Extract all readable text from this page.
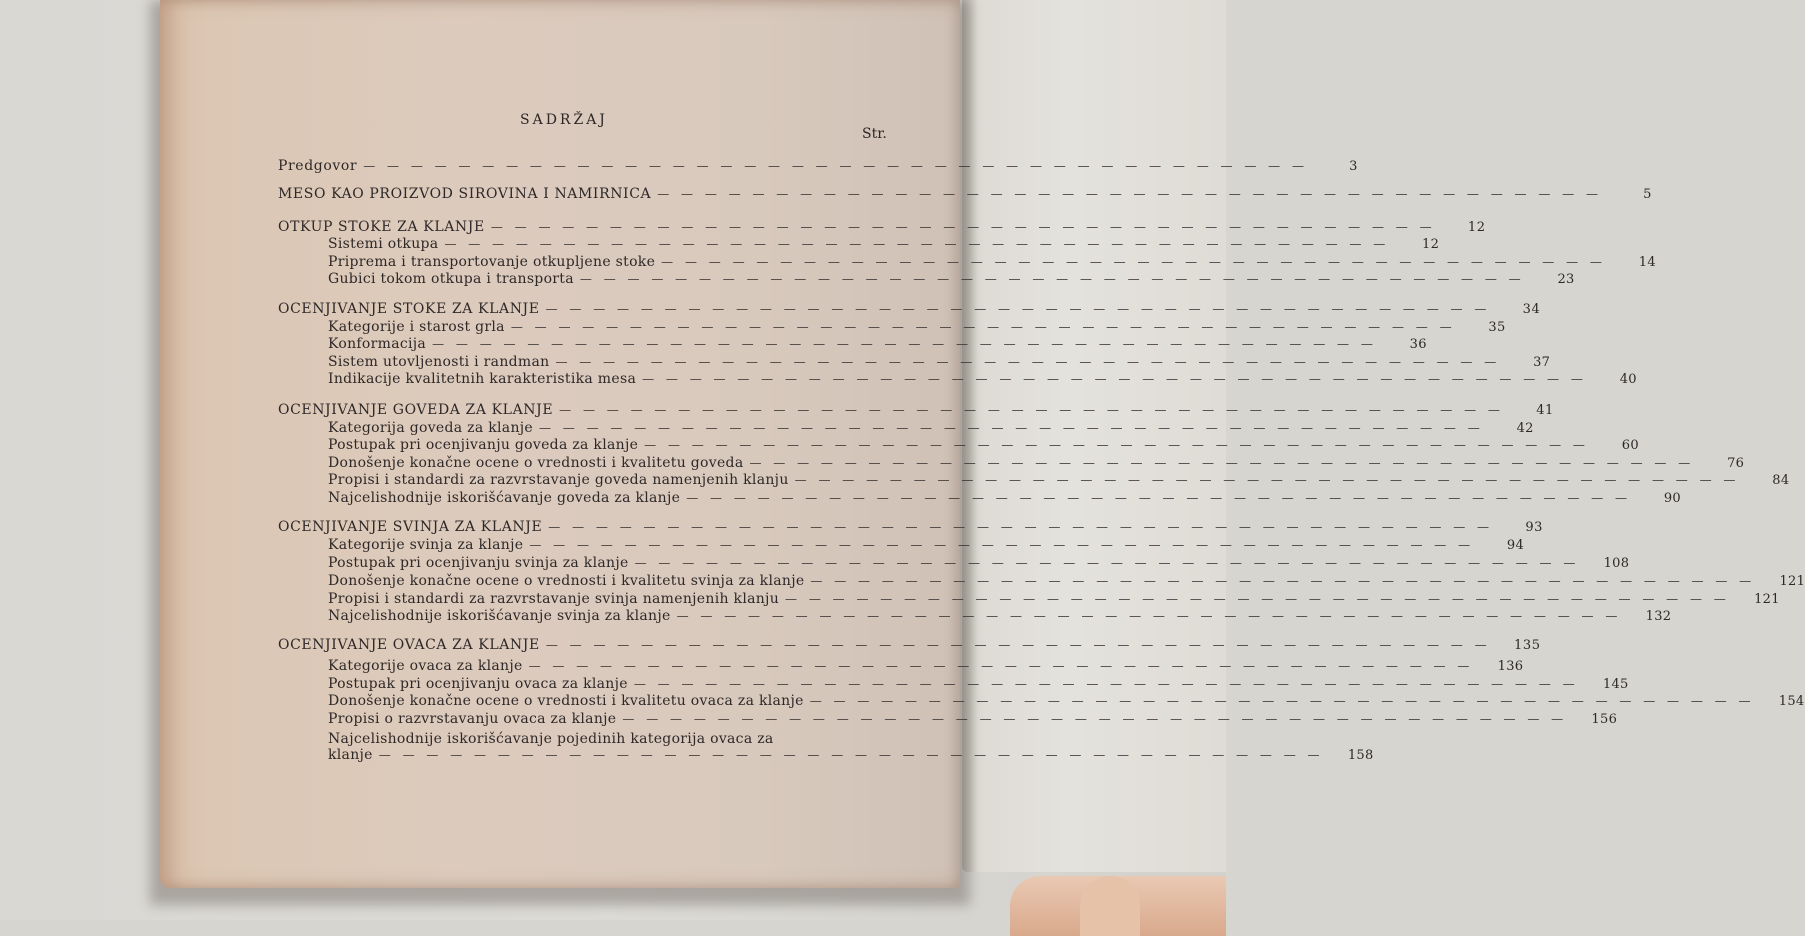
SADRŽAJ
Str.
Predgovor — — — — — — — — — — — — — — — — — — — — — — — — — — — — — — — — — — — — — — — —	3
MESO KAO PROIZVOD SIROVINA I NAMIRNICA — — — — — — — — — — — — — — — — — — — — — — — — — — — — — — — — — — — — — — — —	5
OTKUP STOKE ZA KLANJE — — — — — — — — — — — — — — — — — — — — — — — — — — — — — — — — — — — — — — — —	12
Sistemi otkupa — — — — — — — — — — — — — — — — — — — — — — — — — — — — — — — — — — — — — — — —	12
Priprema i transportovanje otkupljene stoke — — — — — — — — — — — — — — — — — — — — — — — — — — — — — — — — — — — — — — — —	14
Gubici tokom otkupa i transporta — — — — — — — — — — — — — — — — — — — — — — — — — — — — — — — — — — — — — — — —	23
OCENJIVANJE STOKE ZA KLANJE — — — — — — — — — — — — — — — — — — — — — — — — — — — — — — — — — — — — — — — —	34
Kategorije i starost grla — — — — — — — — — — — — — — — — — — — — — — — — — — — — — — — — — — — — — — — —	35
Konformacija — — — — — — — — — — — — — — — — — — — — — — — — — — — — — — — — — — — — — — — —	36
Sistem utovljenosti i randman — — — — — — — — — — — — — — — — — — — — — — — — — — — — — — — — — — — — — — — —	37
Indikacije kvalitetnih karakteristika mesa — — — — — — — — — — — — — — — — — — — — — — — — — — — — — — — — — — — — — — — —	40
OCENJIVANJE GOVEDA ZA KLANJE — — — — — — — — — — — — — — — — — — — — — — — — — — — — — — — — — — — — — — — —	41
Kategorija goveda za klanje — — — — — — — — — — — — — — — — — — — — — — — — — — — — — — — — — — — — — — — —	42
Postupak pri ocenjivanju goveda za klanje — — — — — — — — — — — — — — — — — — — — — — — — — — — — — — — — — — — — — — — —	60
Donošenje konačne ocene o vrednosti i kvalitetu goveda — — — — — — — — — — — — — — — — — — — — — — — — — — — — — — — — — — — — — — — —	76
Propisi i standardi za razvrstavanje goveda namenjenih klanju — — — — — — — — — — — — — — — — — — — — — — — — — — — — — — — — — — — — — — — —	84
Najcelishodnije iskorišćavanje goveda za klanje — — — — — — — — — — — — — — — — — — — — — — — — — — — — — — — — — — — — — — — —	90
OCENJIVANJE SVINJA ZA KLANJE — — — — — — — — — — — — — — — — — — — — — — — — — — — — — — — — — — — — — — — —	93
Kategorije svinja za klanje — — — — — — — — — — — — — — — — — — — — — — — — — — — — — — — — — — — — — — — —	94
Postupak pri ocenjivanju svinja za klanje — — — — — — — — — — — — — — — — — — — — — — — — — — — — — — — — — — — — — — — —	108
Donošenje konačne ocene o vrednosti i kvalitetu svinja za klanje — — — — — — — — — — — — — — — — — — — — — — — — — — — — — — — — — — — — — — — —	121
Propisi i standardi za razvrstavanje svinja namenjenih klanju — — — — — — — — — — — — — — — — — — — — — — — — — — — — — — — — — — — — — — — —	121
Najcelishodnije iskorišćavanje svinja za klanje — — — — — — — — — — — — — — — — — — — — — — — — — — — — — — — — — — — — — — — —	132
OCENJIVANJE OVACA ZA KLANJE — — — — — — — — — — — — — — — — — — — — — — — — — — — — — — — — — — — — — — — —	135
Kategorije ovaca za klanje — — — — — — — — — — — — — — — — — — — — — — — — — — — — — — — — — — — — — — — —	136
Postupak pri ocenjivanju ovaca za klanje — — — — — — — — — — — — — — — — — — — — — — — — — — — — — — — — — — — — — — — —	145
Donošenje konačne ocene o vrednosti i kvalitetu ovaca za klanje — — — — — — — — — — — — — — — — — — — — — — — — — — — — — — — — — — — — — — — —	154
Propisi o razvrstavanju ovaca za klanje — — — — — — — — — — — — — — — — — — — — — — — — — — — — — — — — — — — — — — — —	156
Najcelishodnije iskorišćavanje pojedinih kategorija ovaca za
klanje — — — — — — — — — — — — — — — — — — — — — — — — — — — — — — — — — — — — — — — —	158
